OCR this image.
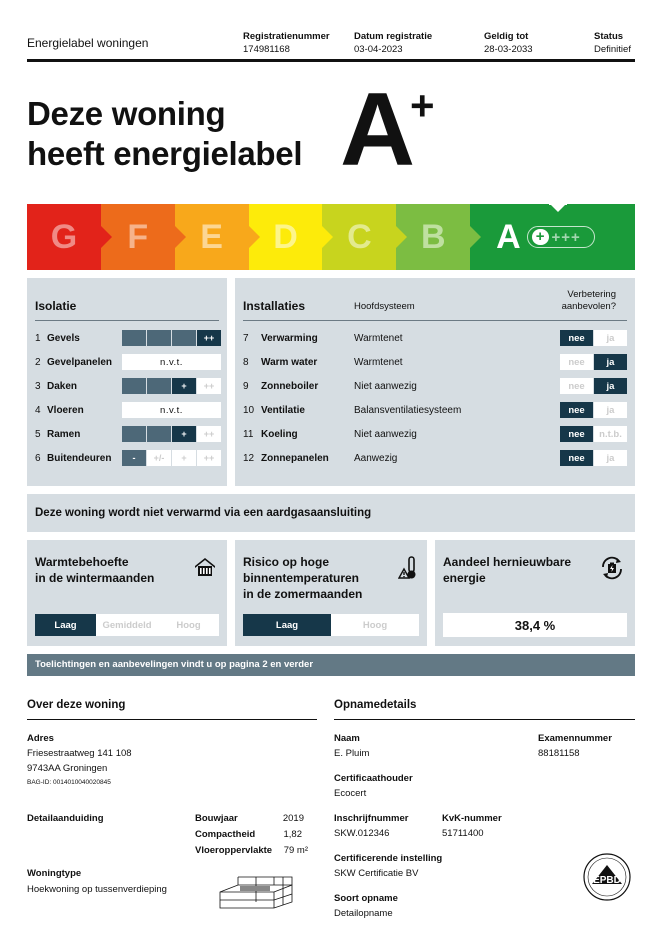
Energielabel woningen	Registratienummer
174981168
Datum registratie
03-04-2023
Geldig tot
28-03-2033
Status
Definitief
Deze woning
heeft energielabel A
+
G F E D C B A + +++
Isolatie
1 Gevels	++
2 Gevelpanelen	n.v.t.
3 Daken	+	++
4 Vloeren	n.v.t.
5 Ramen	+	++
6 Buitendeuren	-	+/-	+	++
Installaties	Hoofdsysteem
Verbetering
aanbevolen?
7	Verwarming	Warmtenet	nee	ja
8	Warm water	Warmtenet	nee	ja
9	Zonneboiler	Niet aanwezig	nee	ja
10 Ventilatie	Balansventilatiesysteem	nee	ja
11 Koeling	Niet aanwezig	nee	n.t.b.
12 Zonnepanelen	Aanwezig	nee	ja
Deze woning wordt niet verwarmd via een aardgasaansluiting
Warmtebehoefte
in de wintermaanden
Laag	Gemiddeld	Hoog
Risico op hoge
binnentemperaturen
in de zomermaanden
Laag	Hoog
Aandeel hernieuwbare
energie
38,4 %
Toelichtingen en aanbevelingen vindt u op pagina 2 en verder
Over deze woning
Adres
Friesestraatweg 141 108
9743AA Groningen
BAG-ID: 0014010040020845
Detailaanduiding	Bouwjaar	2019
Compactheid	1,82
Vloeroppervlakte	79 m²
Woningtype
Hoekwoning op tussenverdieping
Opnamedetails
Naam
E. Pluim
Examennummer
88181158
Certificaathouder
Ecocert
Inschrijfnummer
SKW.012346
KvK-nummer
51711400
Certificerende instelling
SKW Certificatie BV
Soort opname
Detailopname
EPBD
